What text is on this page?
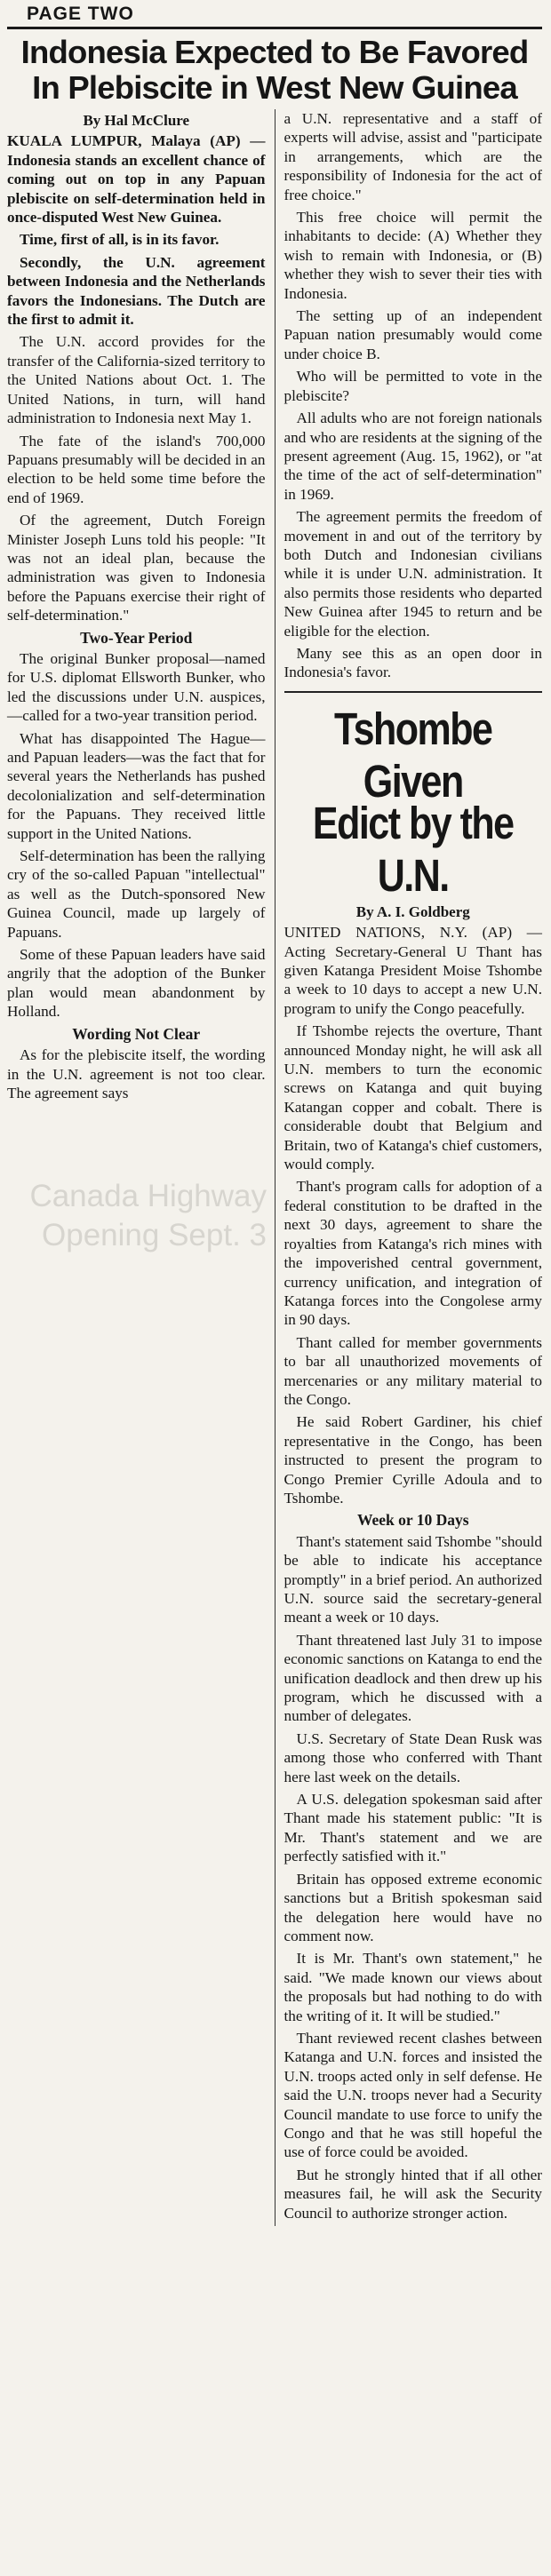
PAGE TWO
Indonesia Expected to Be Favored
In Plebiscite in West New Guinea
Canada Highway
Opening Sept. 3
By Hal McClure

KUALA LUMPUR, Malaya (AP) —Indonesia stands an excellent chance of coming out on top in any Papuan plebiscite on self-determination held in once-disputed West New Guinea.

Time, first of all, is in its favor.

Secondly, the U.N. agreement between Indonesia and the Netherlands favors the Indonesians. The Dutch are the first to admit it.

The U.N. accord provides for the transfer of the California-sized territory to the United Nations about Oct. 1. The United Nations, in turn, will hand administration to Indonesia next May 1.

The fate of the island's 700,000 Papuans presumably will be decided in an election to be held some time before the end of 1969.

Of the agreement, Dutch Foreign Minister Joseph Luns told his people: "It was not an ideal plan, because the administration was given to Indonesia before the Papuans exercise their right of self-determination."

Two-Year Period

The original Bunker proposal—named for U.S. diplomat Ellsworth Bunker, who led the discussions under U.N. auspices,—called for a two-year transition period.

What has disappointed The Hague—and Papuan leaders—was the fact that for several years the Netherlands has pushed decolonialization and self-determination for the Papuans. They received little support in the United Nations.

Self-determination has been the rallying cry of the so-called Papuan "intellectual" as well as the Dutch-sponsored New Guinea Council, made up largely of Papuans.

Some of these Papuan leaders have said angrily that the adoption of the Bunker plan would mean abandonment by Holland.

Wording Not Clear

As for the plebiscite itself, the wording in the U.N. agreement is not too clear. The agreement says

a U.N. representative and a staff of experts will advise, assist and "participate in arrangements, which are the responsibility of Indonesia for the act of free choice."

This free choice will permit the inhabitants to decide: (A) Whether they wish to remain with Indonesia, or (B) whether they wish to sever their ties with Indonesia.

The setting up of an independent Papuan nation presumably would come under choice B.

Who will be permitted to vote in the plebiscite?

All adults who are not foreign nationals and who are residents at the signing of the present agreement (Aug. 15, 1962), or "at the time of the act of self-determination" in 1969.

The agreement permits the freedom of movement in and out of the territory by both Dutch and Indonesian civilians while it is under U.N. administration. It also permits those residents who departed New Guinea after 1945 to return and be eligible for the election.

Many see this as an open door in Indonesia's favor.

Tshombe Given
Edict by the U.N.
By A. I. Goldberg

UNITED NATIONS, N.Y. (AP) — Acting Secretary-General U Thant has given Katanga President Moise Tshombe a week to 10 days to accept a new U.N. program to unify the Congo peacefully.

If Tshombe rejects the overture, Thant announced Monday night, he will ask all U.N. members to turn the economic screws on Katanga and quit buying Katangan copper and cobalt. There is considerable doubt that Belgium and Britain, two of Katanga's chief customers, would comply.

Thant's program calls for adoption of a federal constitution to be drafted in the next 30 days, agreement to share the royalties from Katanga's rich mines with the impoverished central government, currency unification, and integration of Katanga forces into the Congolese army in 90 days.

Thant called for member governments to bar all unauthorized movements of mercenaries or any military material to the Congo.

He said Robert Gardiner, his chief representative in the Congo, has been instructed to present the program to Congo Premier Cyrille Adoula and to Tshombe.

Week or 10 Days

Thant's statement said Tshombe "should be able to indicate his acceptance promptly" in a brief period. An authorized U.N. source said the secretary-general meant a week or 10 days.

Thant threatened last July 31 to impose economic sanctions on Katanga to end the unification deadlock and then drew up his program, which he discussed with a number of delegates.

U.S. Secretary of State Dean Rusk was among those who conferred with Thant here last week on the details.

A U.S. delegation spokesman said after Thant made his statement public: "It is Mr. Thant's statement and we are perfectly satisfied with it."

Britain has opposed extreme economic sanctions but a British spokesman said the delegation here would have no comment now.

It is Mr. Thant's own statement," he said. "We made known our views about the proposals but had nothing to do with the writing of it. It will be studied."

Thant reviewed recent clashes between Katanga and U.N. forces and insisted the U.N. troops acted only in self defense. He said the U.N. troops never had a Security Council mandate to use force to unify the Congo and that he was still hopeful the use of force could be avoided.

But he strongly hinted that if all other measures fail, he will ask the Security Council to authorize stronger action.
